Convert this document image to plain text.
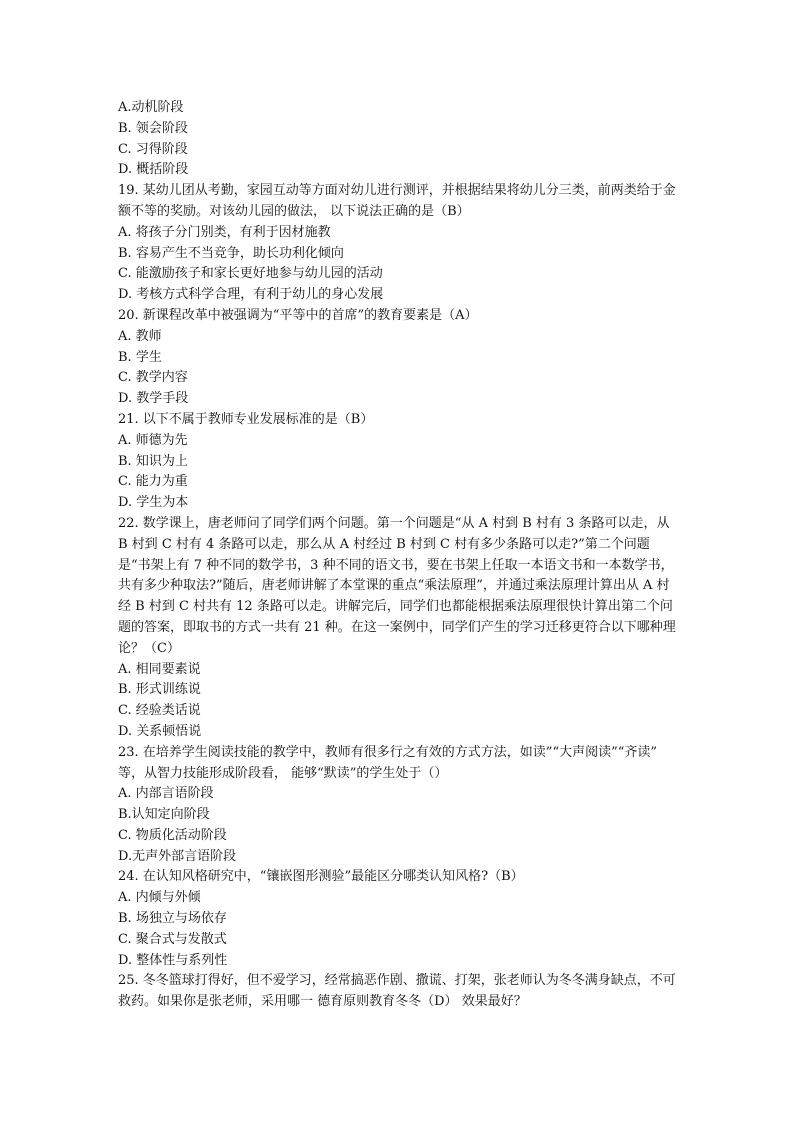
A.动机阶段
B. 领会阶段
C. 习得阶段
D. 概括阶段
19. 某幼儿团从考勤，家园互动等方面对幼儿进行测评，并根据结果将幼儿分三类，前两类给于金额不等的奖励。对该幼儿园的做法， 以下说法正确的是（B）
A. 将孩子分门别类，有利于因材施教
B. 容易产生不当竞争，助长功利化倾向
C. 能激励孩子和家长更好地参与幼儿园的活动
D. 考核方式科学合理，有利于幼儿的身心发展
20. 新课程改革中被强调为“平等中的首席”的教育要素是（A）
A. 教师
B. 学生
C. 教学内容
D. 教学手段
21. 以下不属于教师专业发展标准的是（B）
A. 师德为先
B. 知识为上
C. 能力为重
D. 学生为本
22. 数学课上，唐老师问了同学们两个问题。第一个问题是“从 A 村到 B 村有 3 条路可以走，从 B 村到 C 村有 4 条路可以走，那么从 A 村经过 B 村到 C 村有多少条路可以走?”第二个问题是“书架上有 7 种不同的数学书，3 种不同的语文书，要在书架上任取一本语文书和一本数学书，共有多少种取法?”随后，唐老师讲解了本堂课的重点“乘法原理”，并通过乘法原理计算出从 A 村经 B 村到 C 村共有 12 条路可以走。讲解完后，同学们也都能根据乘法原理很快计算出第二个问题的答案，即取书的方式一共有 21 种。在这一案例中，同学们产生的学习迁移更符合以下哪种理论？（C）
A. 相同要素说
B. 形式训练说
C. 经验类话说
D. 关系顿悟说
23. 在培养学生阅读技能的教学中，教师有很多行之有效的方式方法，如读”“大声阅读”“齐读” 等，从智力技能形成阶段看， 能够“默读”的学生处于（）
A. 内部言语阶段
B.认知定向阶段
C. 物质化活动阶段
D.无声外部言语阶段
24. 在认知风格研究中，“镶嵌图形测验”最能区分哪类认知风格?（B）
A. 内倾与外倾
B. 场独立与场依存
C. 聚合式与发散式
D. 整体性与系列性
25. 冬冬篮球打得好，但不爱学习，经常搞恶作剧、撒谎、打架，张老师认为冬冬满身缺点，不可救药。如果你是张老师，采用哪一 德育原则教育冬冬（D） 效果最好？
